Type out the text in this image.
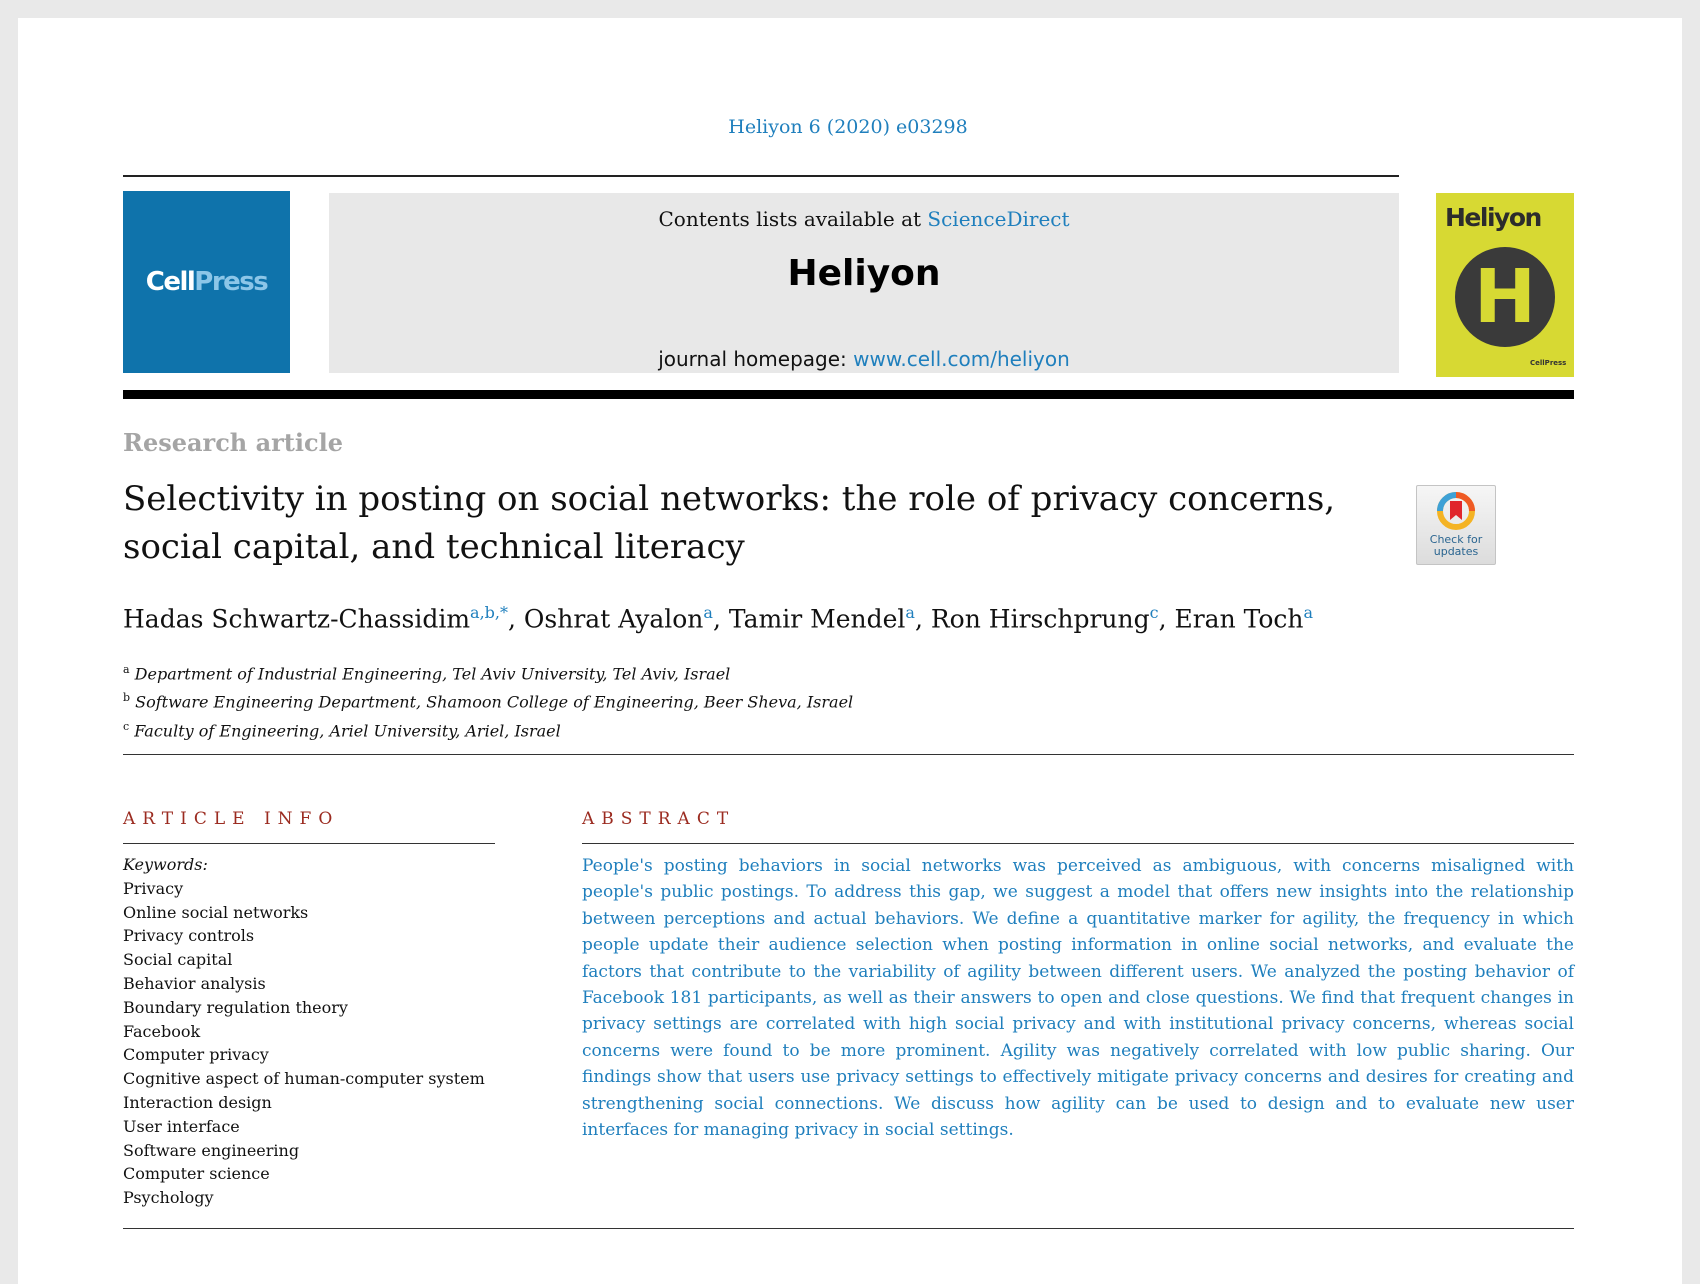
Heliyon 6 (2020) e03298
CellPress
Contents lists available at ScienceDirect
Heliyon
journal homepage: www.cell.com/heliyon
Heliyon
H
CellPress
Research article
Selectivity in posting on social networks: the role of privacy concerns, social capital, and technical literacy	Check for
updates
Hadas Schwartz-Chassidim$^{a,b,*}$, Oshrat Ayalon$^a$, Tamir Mendel$^a$, Ron Hirschprung$^c$, Eran Toch$^a$
$^a$ Department of Industrial Engineering, Tel Aviv University, Tel Aviv, Israel
$^b$ Software Engineering Department, Shamoon College of Engineering, Beer Sheva, Israel
$^c$ Faculty of Engineering, Ariel University, Ariel, Israel
ARTICLE INFO	ABSTRACT
Keywords:
Privacy
Online social networks
Privacy controls
Social capital
Behavior analysis
Boundary regulation theory
Facebook
Computer privacy
Cognitive aspect of human-computer system
Interaction design
User interface
Software engineering
Computer science
Psychology
People's posting behaviors in social networks was perceived as ambiguous, with concerns misaligned with people's public postings. To address this gap, we suggest a model that offers new insights into the relationship between perceptions and actual behaviors. We define a quantitative marker for agility, the frequency in which people update their audience selection when posting information in online social networks, and evaluate the factors that contribute to the variability of agility between different users. We analyzed the posting behavior of Facebook 181 participants, as well as their answers to open and close questions. We find that frequent changes in privacy settings are correlated with high social privacy and with institutional privacy concerns, whereas social concerns were found to be more prominent. Agility was negatively correlated with low public sharing. Our findings show that users use privacy settings to effectively mitigate privacy concerns and desires for creating and strengthening social connections. We discuss how agility can be used to design and to evaluate new user interfaces for managing privacy in social settings.
